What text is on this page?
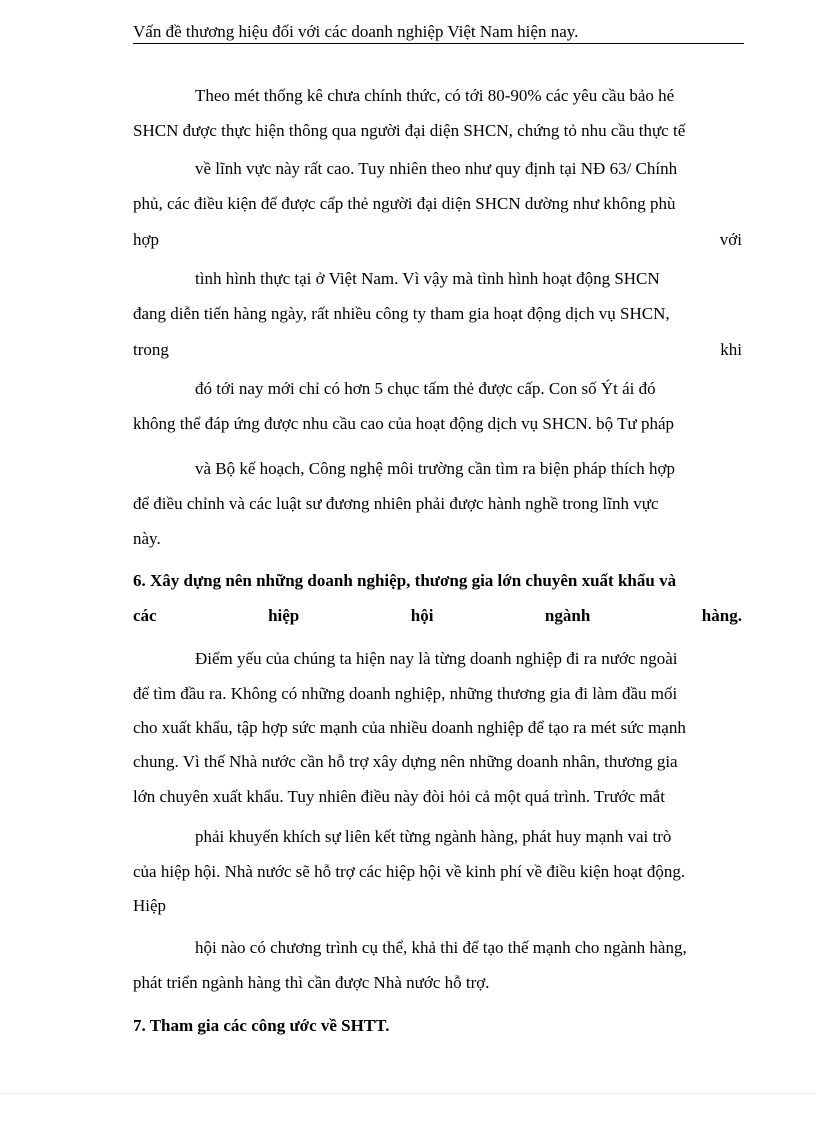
Vấn đề thương hiệu đối với các doanh nghiệp Việt Nam hiện nay.
Theo mét thống kê chưa chính thức, có tới 80-90% các yêu cầu bảo hé
SHCN được thực hiện thông qua người đại diện SHCN, chứng tỏ nhu cầu thực tế
về lĩnh vực này rất cao. Tuy nhiên theo như quy định tại NĐ 63/ Chính
phủ, các điều kiện để được cấp thẻ người đại diện SHCN dường như không phù
hợp	với
tình hình thực tại ở Việt Nam. Vì vậy mà tình hình hoạt động SHCN
đang diễn tiến hàng ngày, rất nhiều công ty tham gia hoạt động dịch vụ SHCN,
trong	khi
đó tới nay mới chỉ có hơn 5 chục tấm thẻ được cấp. Con số Ýt ái đó
không thể đáp ứng được nhu cầu cao của hoạt động dịch vụ SHCN. bộ Tư pháp
và Bộ kế hoạch, Công nghệ môi trường cần tìm ra biện pháp thích hợp
để điều chỉnh và các luật sư đương nhiên phải được hành nghề trong lĩnh vực
này.
6. Xây dựng nên những doanh nghiệp, thương gia lớn chuyên xuất khẩu và
các	hiệp	hội	ngành	hàng.
Điểm yếu của chúng ta hiện nay là từng doanh nghiệp đi ra nước ngoài
để tìm đầu ra. Không có những doanh nghiệp, những thương gia đi làm đầu mối
cho xuất khẩu, tập hợp sức mạnh của nhiều doanh nghiệp để tạo ra mét sức mạnh
chung. Vì thế Nhà nước cần hỗ trợ xây dựng nên những doanh nhân, thương gia
lớn chuyên xuất khẩu. Tuy nhiên điều này đòi hỏi cả một quá trình. Trước mắt
phải khuyến khích sự liên kết từng ngành hàng, phát huy mạnh vai trò
của hiệp hội. Nhà nước sẽ hỗ trợ các hiệp hội về kinh phí về điều kiện hoạt động.
Hiệp
hội nào có chương trình cụ thể, khả thi để tạo thế mạnh cho ngành hàng,
phát triển ngành hàng thì cần được Nhà nước hỗ trợ.
7. Tham gia các công ước về SHTT.
